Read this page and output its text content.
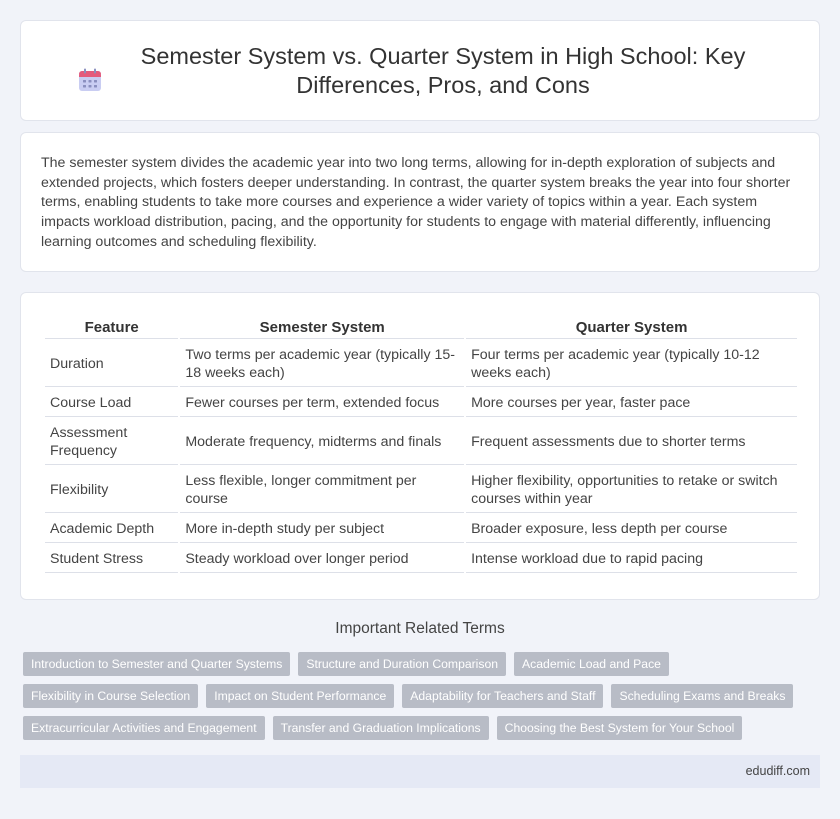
Semester System vs. Quarter System in High School: Key Differences, Pros, and Cons

The semester system divides the academic year into two long terms, allowing for in-depth exploration of subjects and extended projects, which fosters deeper understanding. In contrast, the quarter system breaks the year into four shorter terms, enabling students to take more courses and experience a wider variety of topics within a year. Each system impacts workload distribution, pacing, and the opportunity for students to engage with material differently, influencing learning outcomes and scheduling flexibility.

Feature	Semester System	Quarter System
Duration	Two terms per academic year (typically 15-18 weeks each)	Four terms per academic year (typically 10-12 weeks each)
Course Load	Fewer courses per term, extended focus	More courses per year, faster pace
Assessment Frequency	Moderate frequency, midterms and finals	Frequent assessments due to shorter terms
Flexibility	Less flexible, longer commitment per course	Higher flexibility, opportunities to retake or switch courses within year
Academic Depth	More in-depth study per subject	Broader exposure, less depth per course
Student Stress	Steady workload over longer period	Intense workload due to rapid pacing
Important Related Terms
Introduction to Semester and Quarter Systems	Structure and Duration Comparison	Academic Load and Pace
Flexibility in Course Selection	Impact on Student Performance	Adaptability for Teachers and Staff	Scheduling Exams and Breaks
Extracurricular Activities and Engagement	Transfer and Graduation Implications	Choosing the Best System for Your School
edudiff.com
